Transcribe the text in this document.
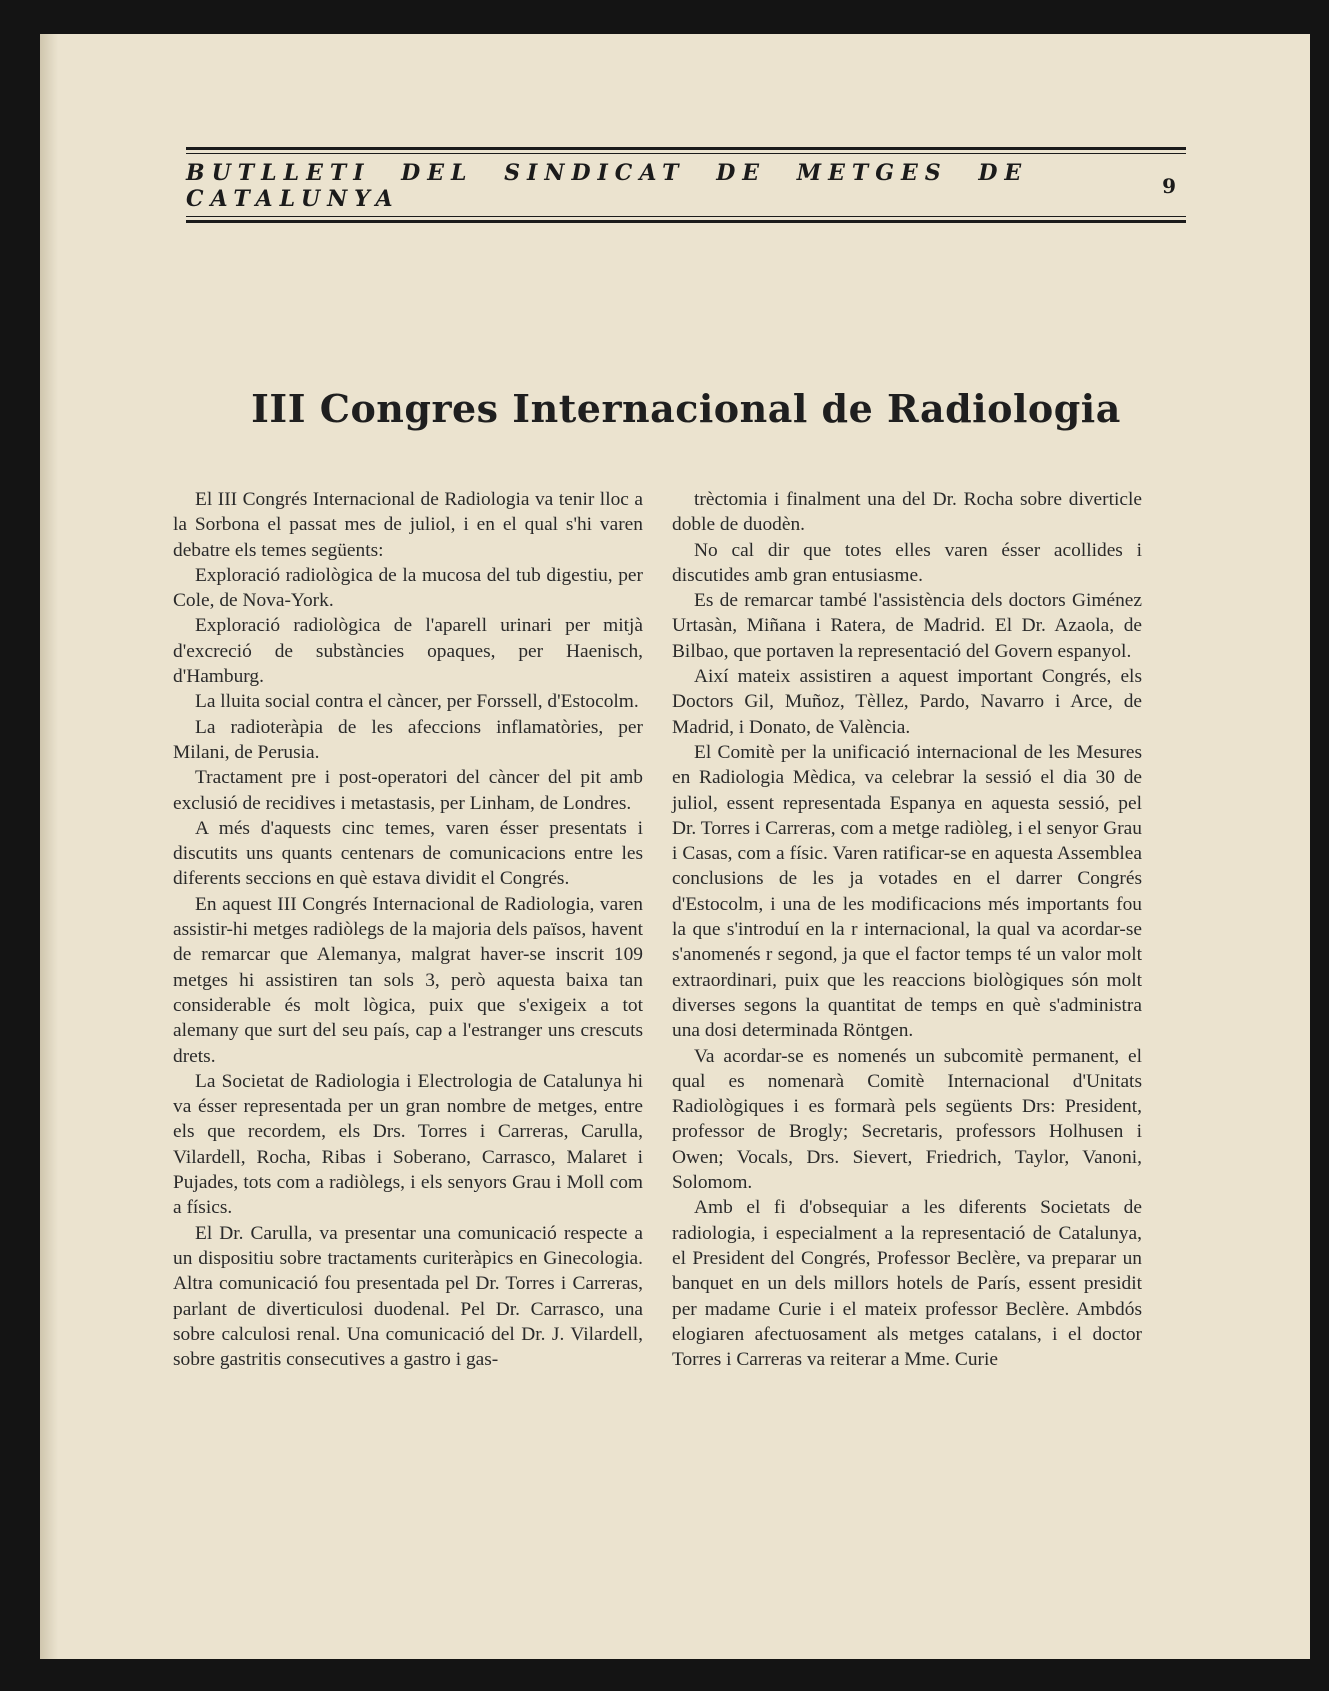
BUTLLETI DEL SINDICAT DE METGES DE CATALUNYA	9
III Congres Internacional de Radiologia

El III Congrés Internacional de Radiologia va tenir lloc a la Sorbona el passat mes de juliol, i en el qual s'hi varen debatre els temes següents:

Exploració radiològica de la mucosa del tub digestiu, per Cole, de Nova-York.

Exploració radiològica de l'aparell urinari per mitjà d'excreció de substàncies opaques, per Haenisch, d'Hamburg.

La lluita social contra el càncer, per Forssell, d'Estocolm.

La radioteràpia de les afeccions inflamatòries, per Milani, de Perusia.

Tractament pre i post-operatori del càncer del pit amb exclusió de recidives i metastasis, per Linham, de Londres.

A més d'aquests cinc temes, varen ésser presentats i discutits uns quants centenars de comunicacions entre les diferents seccions en què estava dividit el Congrés.

En aquest III Congrés Internacional de Radiologia, varen assistir-hi metges radiòlegs de la majoria dels països, havent de remarcar que Alemanya, malgrat haver-se inscrit 109 metges hi assistiren tan sols 3, però aquesta baixa tan considerable és molt lògica, puix que s'exigeix a tot alemany que surt del seu país, cap a l'estranger uns crescuts drets.

La Societat de Radiologia i Electrologia de Catalunya hi va ésser representada per un gran nombre de metges, entre els que recordem, els Drs. Torres i Carreras, Carulla, Vilardell, Rocha, Ribas i Soberano, Carrasco, Malaret i Pujades, tots com a radiòlegs, i els senyors Grau i Moll com a físics.

El Dr. Carulla, va presentar una comunicació respecte a un dispositiu sobre tractaments curiteràpics en Ginecologia. Altra comunicació fou presentada pel Dr. Torres i Carreras, parlant de diverticulosi duodenal. Pel Dr. Carrasco, una sobre calculosi renal. Una comunicació del Dr. J. Vilardell, sobre gastritis consecutives a gastro i gas-

trèctomia i finalment una del Dr. Rocha sobre diverticle doble de duodèn.

No cal dir que totes elles varen ésser acollides i discutides amb gran entusiasme.

Es de remarcar també l'assistència dels doctors Giménez Urtasàn, Miñana i Ratera, de Madrid. El Dr. Azaola, de Bilbao, que portaven la representació del Govern espanyol.

Així mateix assistiren a aquest important Congrés, els Doctors Gil, Muñoz, Tèllez, Pardo, Navarro i Arce, de Madrid, i Donato, de València.

El Comitè per la unificació internacional de les Mesures en Radiologia Mèdica, va celebrar la sessió el dia 30 de juliol, essent representada Espanya en aquesta sessió, pel Dr. Torres i Carreras, com a metge radiòleg, i el senyor Grau i Casas, com a físic. Varen ratificar-se en aquesta Assemblea conclusions de les ja votades en el darrer Congrés d'Estocolm, i una de les modificacions més importants fou la que s'introduí en la r internacional, la qual va acordar-se s'anomenés r segond, ja que el factor temps té un valor molt extraordinari, puix que les reaccions biològiques són molt diverses segons la quantitat de temps en què s'administra una dosi determinada Röntgen.

Va acordar-se es nomenés un subcomitè permanent, el qual es nomenarà Comitè Internacional d'Unitats Radiològiques i es formarà pels següents Drs: President, professor de Brogly; Secretaris, professors Holhusen i Owen; Vocals, Drs. Sievert, Friedrich, Taylor, Vanoni, Solomom.

Amb el fi d'obsequiar a les diferents Societats de radiologia, i especialment a la representació de Catalunya, el President del Congrés, Professor Beclère, va preparar un banquet en un dels millors hotels de París, essent presidit per madame Curie i el mateix professor Beclère. Ambdós elogiaren afectuosament als metges catalans, i el doctor Torres i Carreras va reiterar a Mme. Curie
